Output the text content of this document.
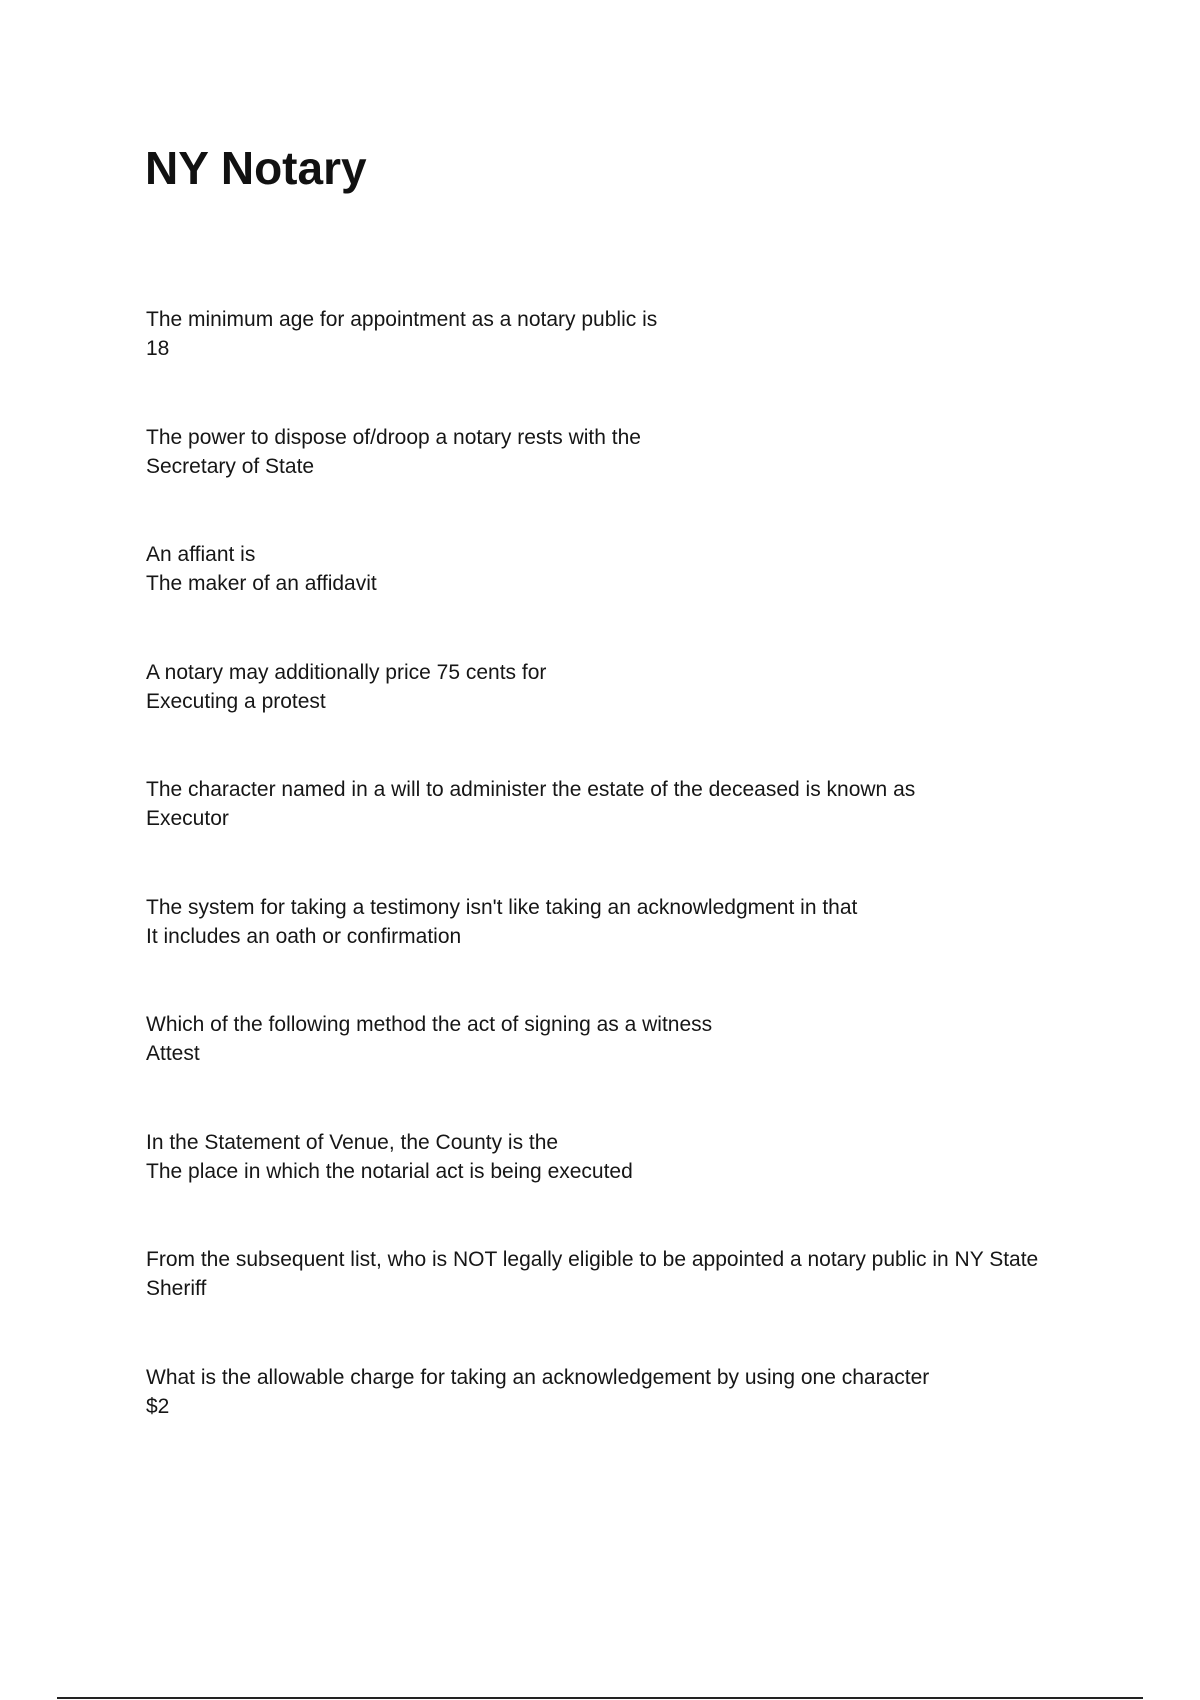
NY Notary
The minimum age for appointment as a notary public is
18
The power to dispose of/droop a notary rests with the
Secretary of State
An affiant is
The maker of an affidavit
A notary may additionally price 75 cents for
Executing a protest
The character named in a will to administer the estate of the deceased is known as
Executor
The system for taking a testimony isn't like taking an acknowledgment in that
It includes an oath or confirmation
Which of the following method the act of signing as a witness
Attest
In the Statement of Venue, the County is the
The place in which the notarial act is being executed
From the subsequent list, who is NOT legally eligible to be appointed a notary public in NY State
Sheriff
What is the allowable charge for taking an acknowledgement by using one character
$2
